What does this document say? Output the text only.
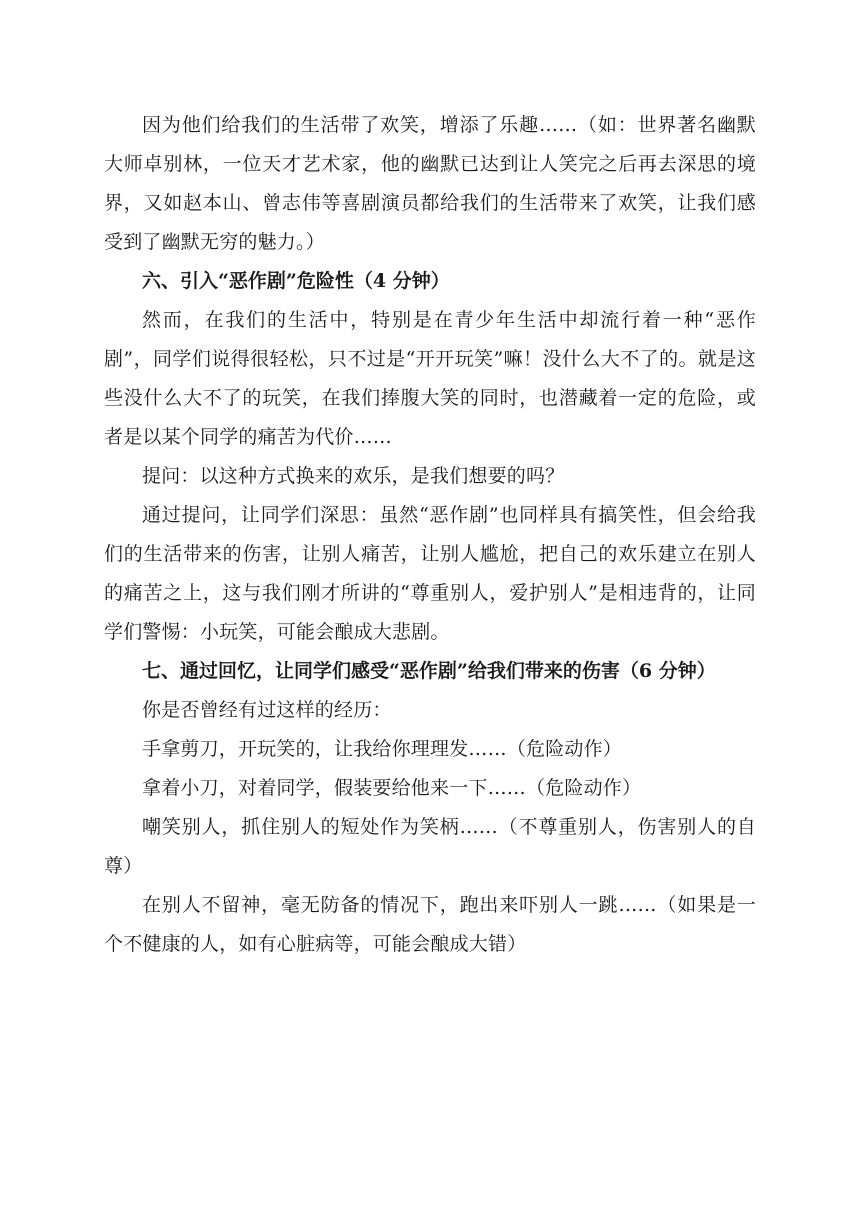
因为他们给我们的生活带了欢笑，增添了乐趣……（如：世界著名幽默大师卓别林，一位天才艺术家，他的幽默已达到让人笑完之后再去深思的境界，又如赵本山、曾志伟等喜剧演员都给我们的生活带来了欢笑，让我们感受到了幽默无穷的魅力。）

六、引入“恶作剧”危险性（4 分钟）

然而，在我们的生活中，特别是在青少年生活中却流行着一种“恶作剧”，同学们说得很轻松，只不过是“开开玩笑”嘛！没什么大不了的。就是这些没什么大不了的玩笑，在我们捧腹大笑的同时，也潜藏着一定的危险，或者是以某个同学的痛苦为代价……

提问：以这种方式换来的欢乐，是我们想要的吗？

通过提问，让同学们深思：虽然“恶作剧”也同样具有搞笑性，但会给我们的生活带来的伤害，让别人痛苦，让别人尴尬，把自己的欢乐建立在别人的痛苦之上，这与我们刚才所讲的“尊重别人，爱护别人”是相违背的，让同学们警惕：小玩笑，可能会酿成大悲剧。

七、通过回忆，让同学们感受“恶作剧”给我们带来的伤害（6 分钟）

你是否曾经有过这样的经历：

手拿剪刀，开玩笑的，让我给你理理发……（危险动作）

拿着小刀，对着同学，假装要给他来一下……（危险动作）

嘲笑别人，抓住别人的短处作为笑柄……（不尊重别人，伤害别人的自尊）

在别人不留神，毫无防备的情况下，跑出来吓别人一跳……（如果是一个不健康的人，如有心脏病等，可能会酿成大错）
